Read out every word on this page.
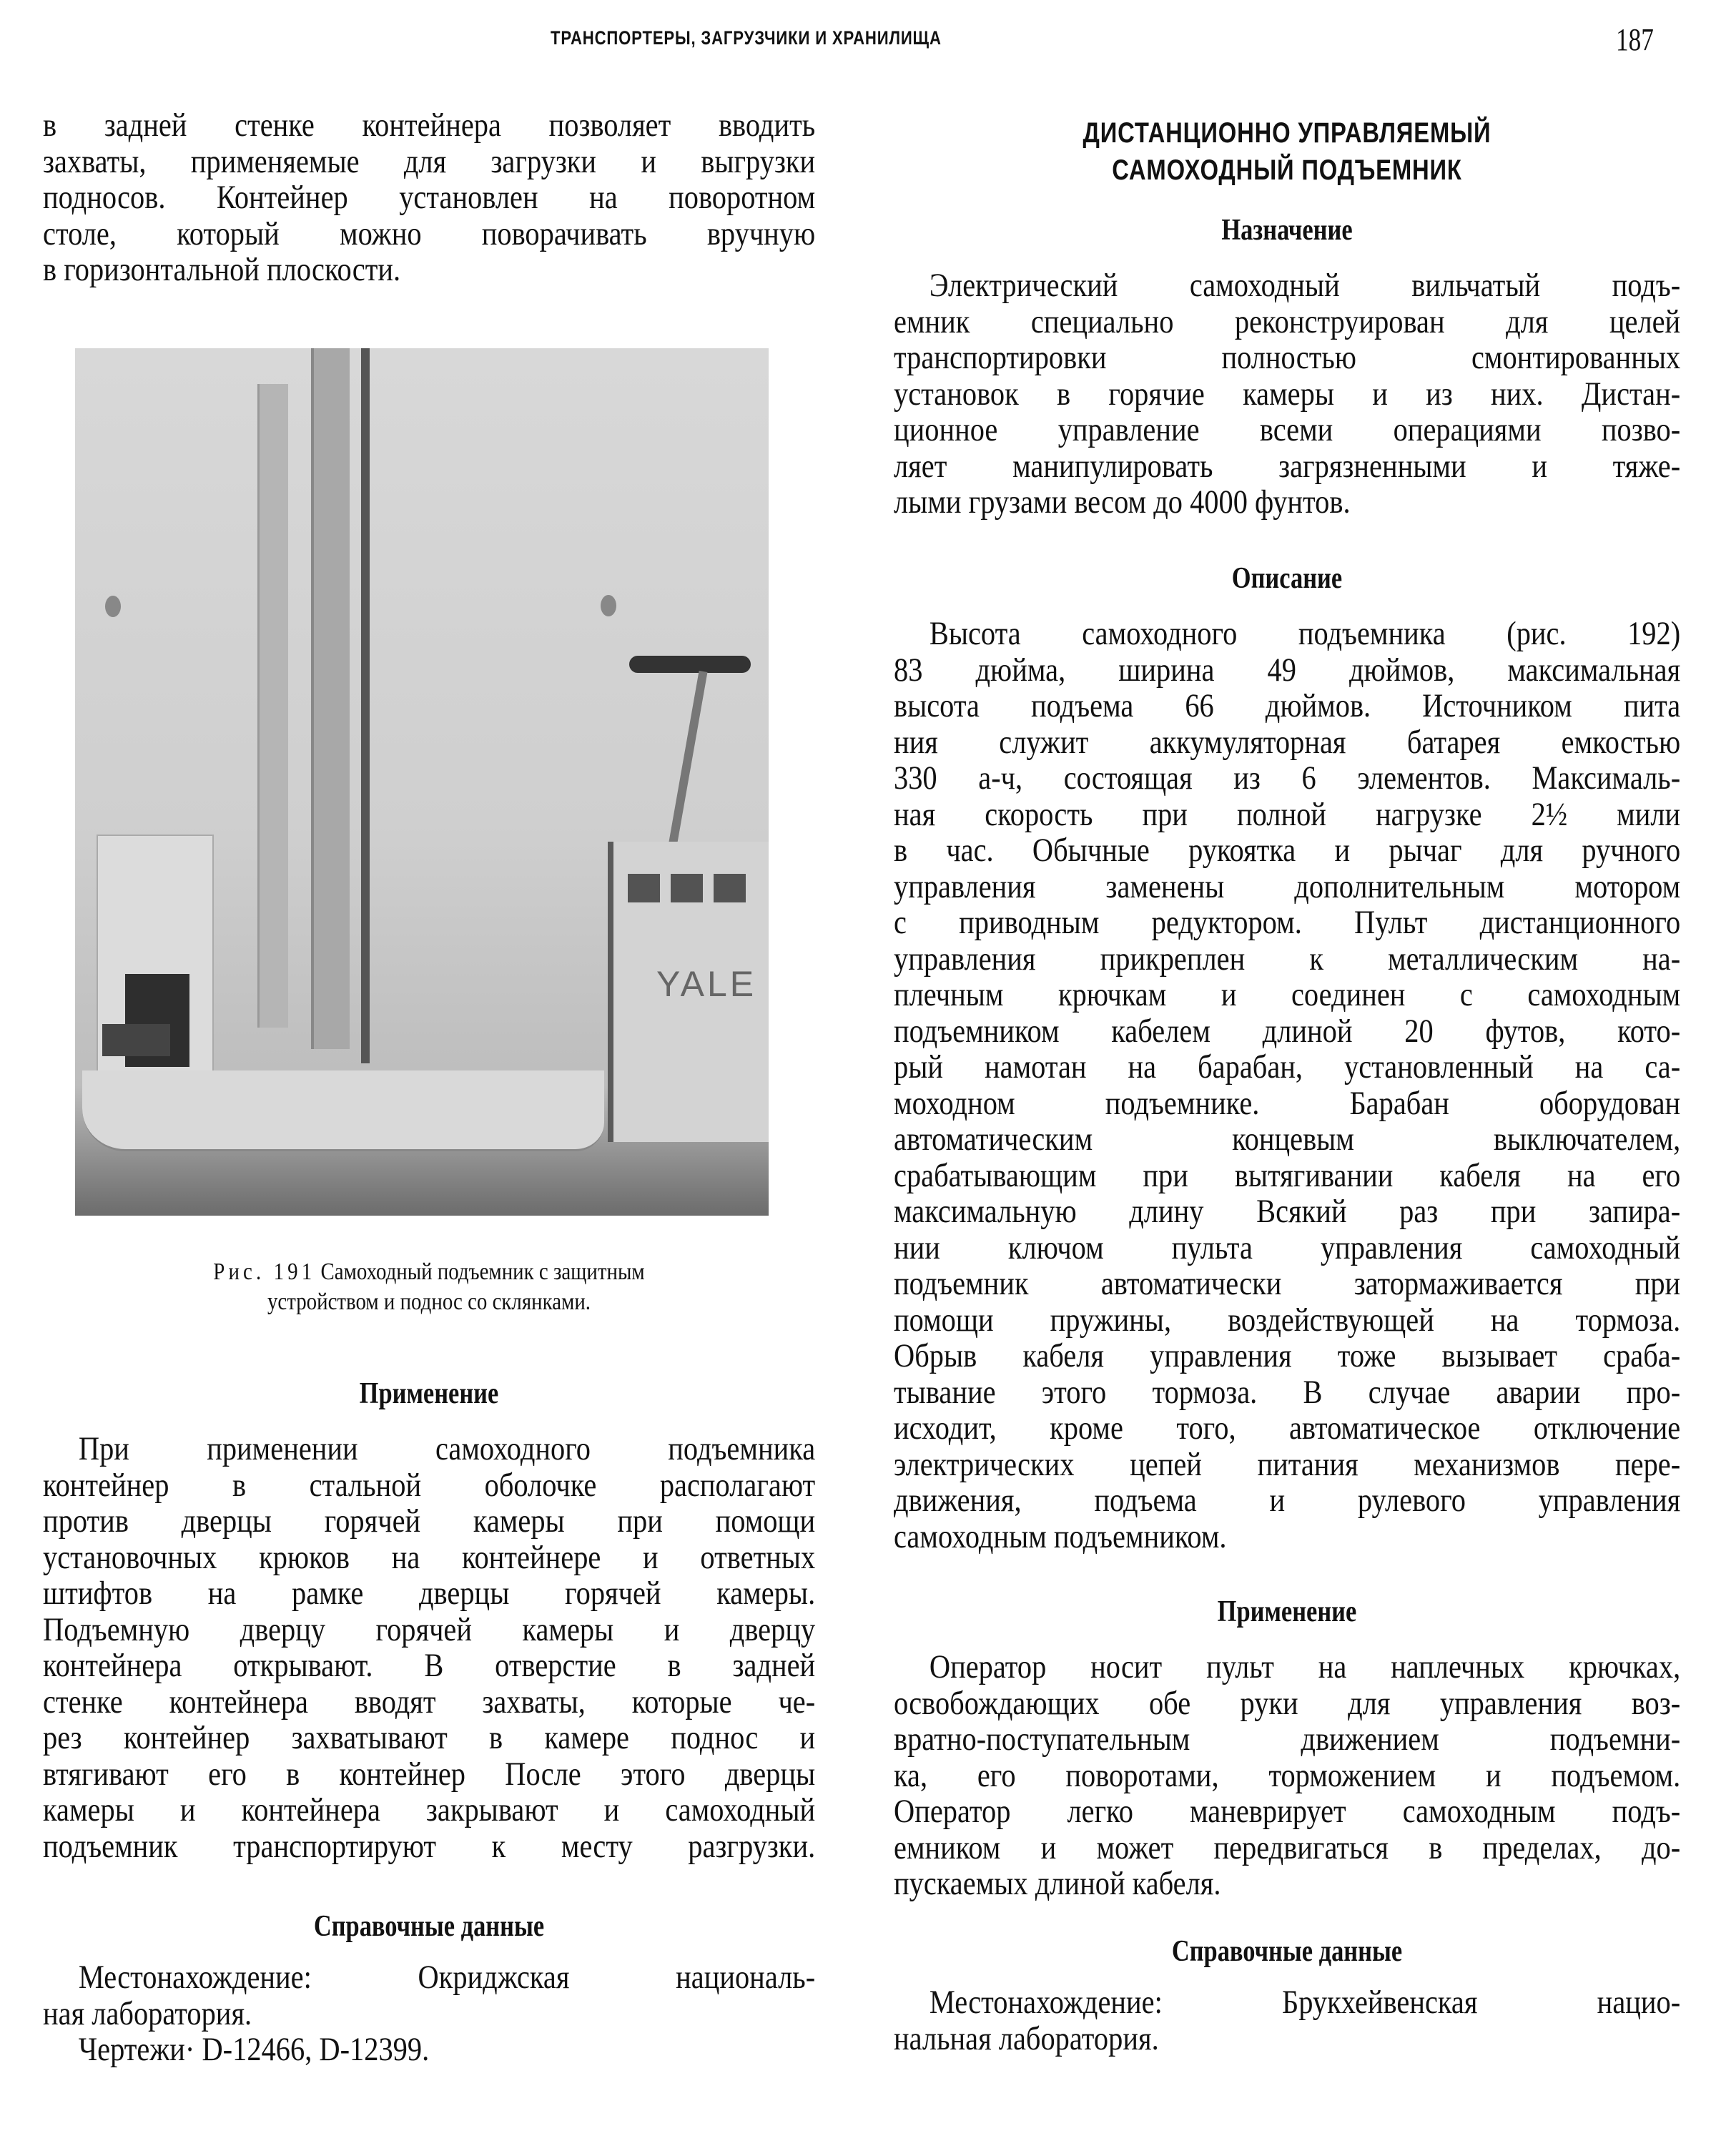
ТРАНСПОРТЕРЫ, ЗАГРУЗЧИКИ И ХРАНИЛИЩА	187

в задней стенке контейнера позволяет вводить
захваты, применяемые для загрузки и выгрузки
подносов. Контейнер установлен на поворотном
столе, который можно поворачивать вручную
в горизонтальной плоскости.

YALE
Рис. 191 Самоходный подъемник с защитным
устройством и поднос со склянками.
Применение

При применении самоходного подъемника
контейнер в стальной оболочке располагают
против дверцы горячей камеры при помощи
установочных крюков на контейнере и ответных
штифтов на рамке дверцы горячей камеры.
Подъемную дверцу горячей камеры и дверцу
контейнера открывают. В отверстие в задней
стенке контейнера вводят захваты, которые че-
рез контейнер захватывают в камере поднос и
втягивают его в контейнер После этого дверцы
камеры и контейнера закрывают и самоходный
подъемник транспортируют к месту разгрузки.

Справочные данные

Местонахождение: Окриджская националь-
ная лаборатория.
Чертежи· D-12466, D-12399.

ДИСТАНЦИОННО УПРАВЛЯЕМЫЙ
САМОХОДНЫЙ ПОДЪЕМНИК
Назначение

Электрический самоходный вильчатый подъ-
емник специально реконструирован для целей
транспортировки полностью смонтированных
установок в горячие камеры и из них. Дистан-
ционное управление всеми операциями позво-
ляет манипулировать загрязненными и тяже-
лыми грузами весом до 4000 фунтов.

Описание

Высота самоходного подъемника (рис. 192)
83 дюйма, ширина 49 дюймов, максимальная
высота подъема 66 дюймов. Источником пита
ния служит аккумуляторная батарея емкостью
330 а-ч, состоящая из 6 элементов. Максималь-
ная скорость при полной нагрузке 2½ мили
в час. Обычные рукоятка и рычаг для ручного
управления заменены дополнительным мотором
с приводным редуктором. Пульт дистанционного
управления прикреплен к металлическим на-
плечным крючкам и соединен с самоходным
подъемником кабелем длиной 20 футов, кото-
рый намотан на барабан, установленный на са-
моходном подъемнике. Барабан оборудован
автоматическим концевым выключателем,
срабатывающим при вытягивании кабеля на его
максимальную длину Всякий раз при запира-
нии ключом пульта управления самоходный
подъемник автоматически затормаживается при
помощи пружины, воздействующей на тормоза.
Обрыв кабеля управления тоже вызывает сраба-
тывание этого тормоза. В случае аварии про-
исходит, кроме того, автоматическое отключение
электрических цепей питания механизмов пере-
движения, подъема и рулевого управления
самоходным подъемником.

Применение

Оператор носит пульт на наплечных крючках,
освобождающих обе руки для управления воз-
вратно-поступательным движением подъемни-
ка, его поворотами, торможением и подъемом.
Оператор легко маневрирует самоходным подъ-
емником и может передвигаться в пределах, до-
пускаемых длиной кабеля.

Справочные данные

Местонахождение: Брукхейвенская нацио-
нальная лаборатория.
